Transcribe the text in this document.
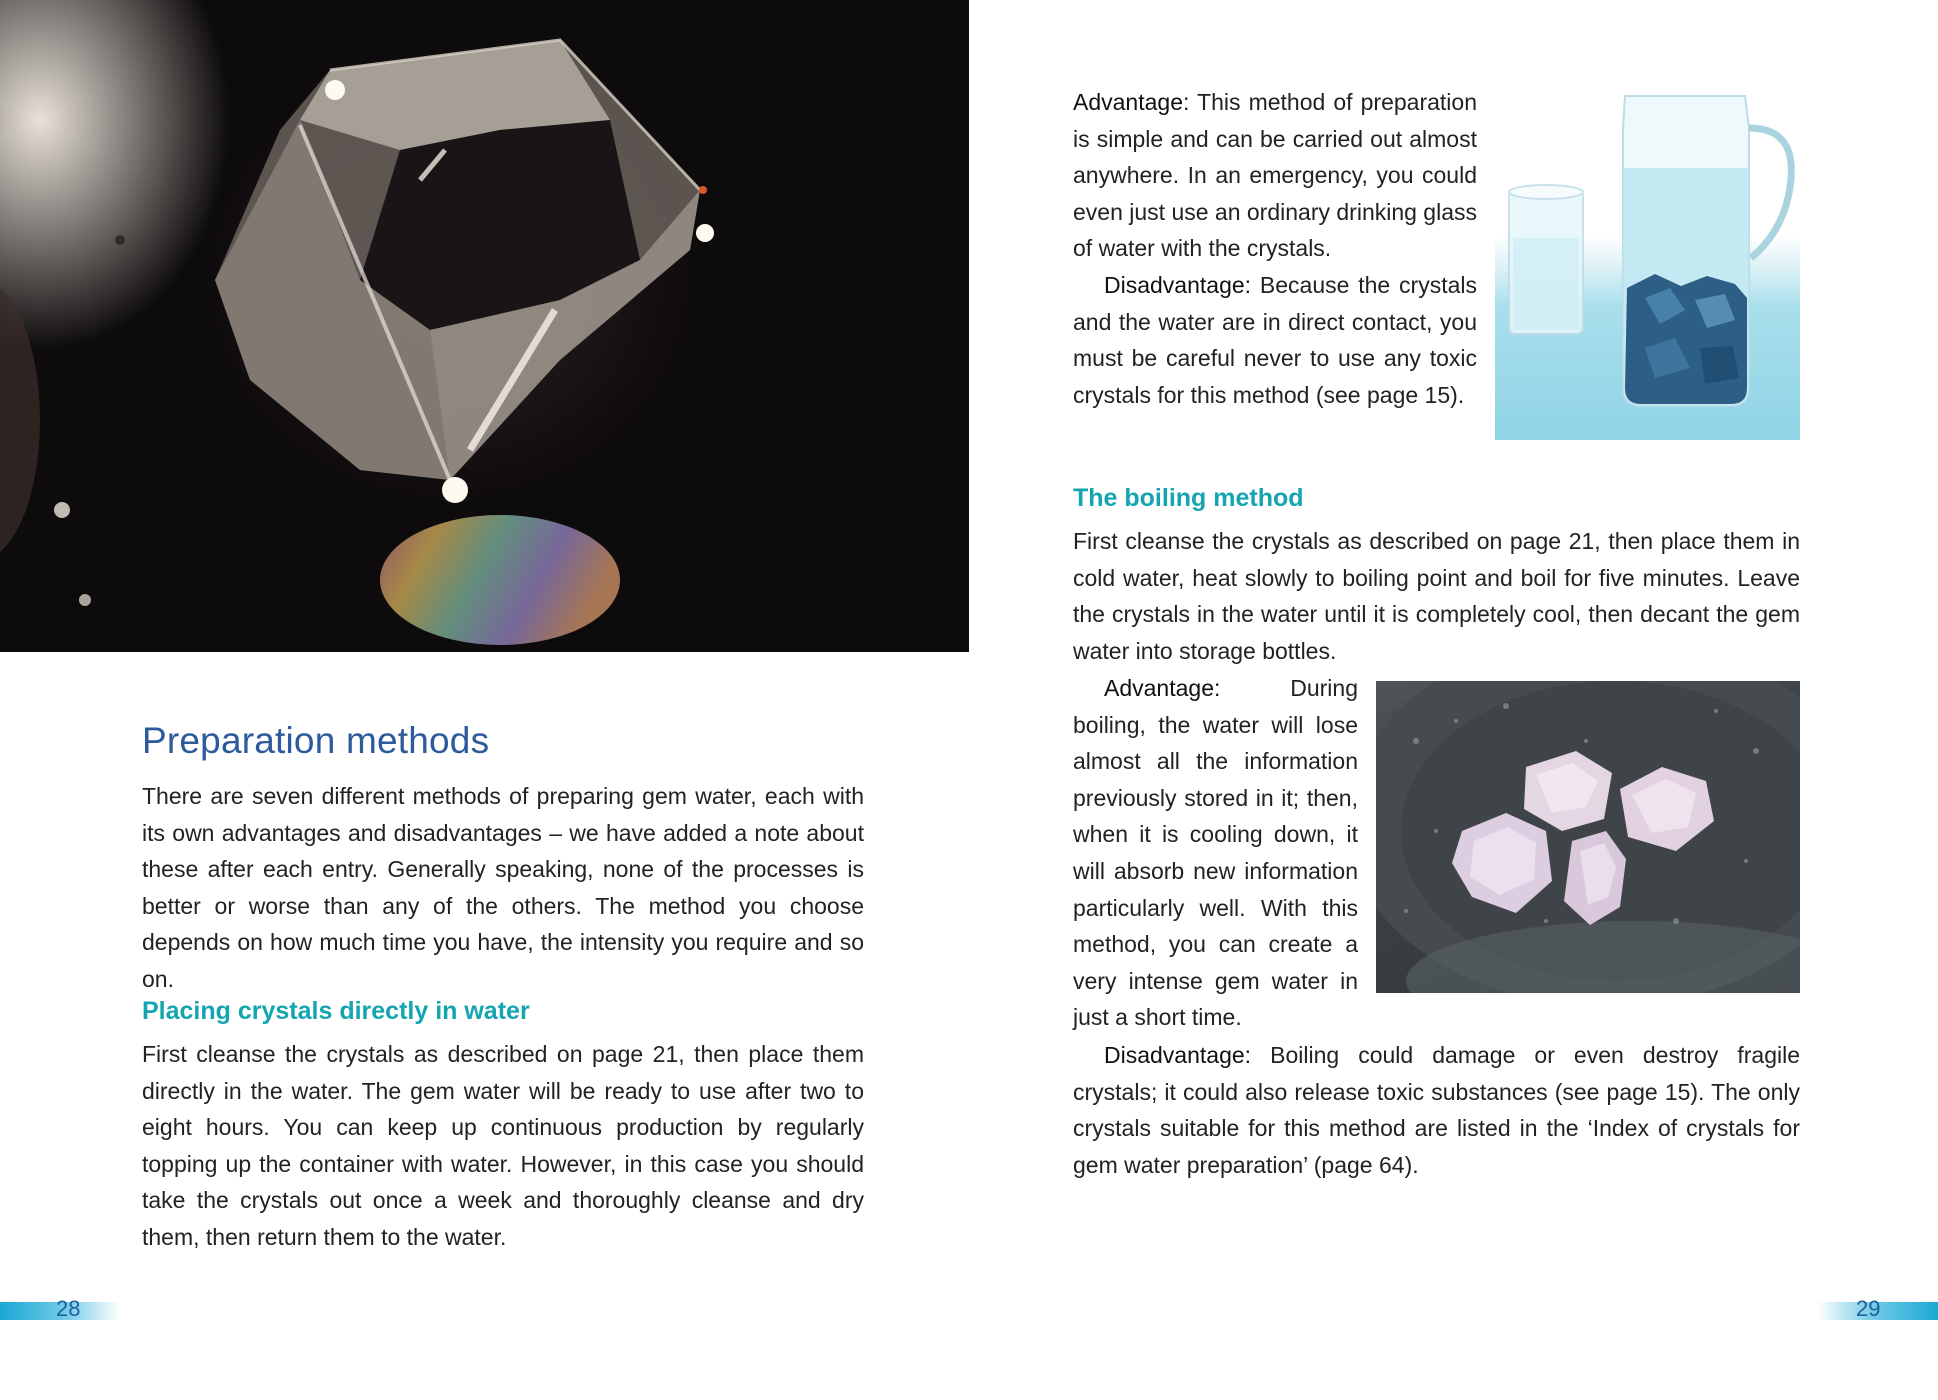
Preparation methods

There are seven different methods of preparing gem water, each with its own advantages and disadvantages – we have added a note about these after each entry. Generally speaking, none of the processes is better or worse than any of the others. The method you choose depends on how much time you have, the intensity you require and so on.

Placing crystals directly in water

First cleanse the crystals as described on page 21, then place them directly in the water. The gem water will be ready to use after two to eight hours. You can keep up continuous production by regularly topping up the container with water. However, in this case you should take the crystals out once a week and thoroughly cleanse and dry them, then return them to the water.

28

Advantage: This method of preparation is simple and can be carried out almost anywhere. In an emergency, you could even just use an ordinary drinking glass of water with the crystals.

Disadvantage: Because the crystals and the water are in direct contact, you must be careful never to use any toxic crystals for this method (see page 15).

The boiling method

First cleanse the crystals as described on page 21, then place them in cold water, heat slowly to boiling point and boil for five minutes. Leave the crystals in the water until it is completely cool, then decant the gem water into storage bottles.

Advantage:	During boiling, the water will lose almost all the information previously stored in it; then, when it is cooling down, it will absorb new information particularly well. With this method, you can create a very intense gem water in just a short time.

Disadvantage: Boiling could damage or even destroy fragile crystals; it could also release toxic substances (see page 15). The only crystals suitable for this method are listed in the ‘Index of crystals for gem water preparation’ (page 64).

29
